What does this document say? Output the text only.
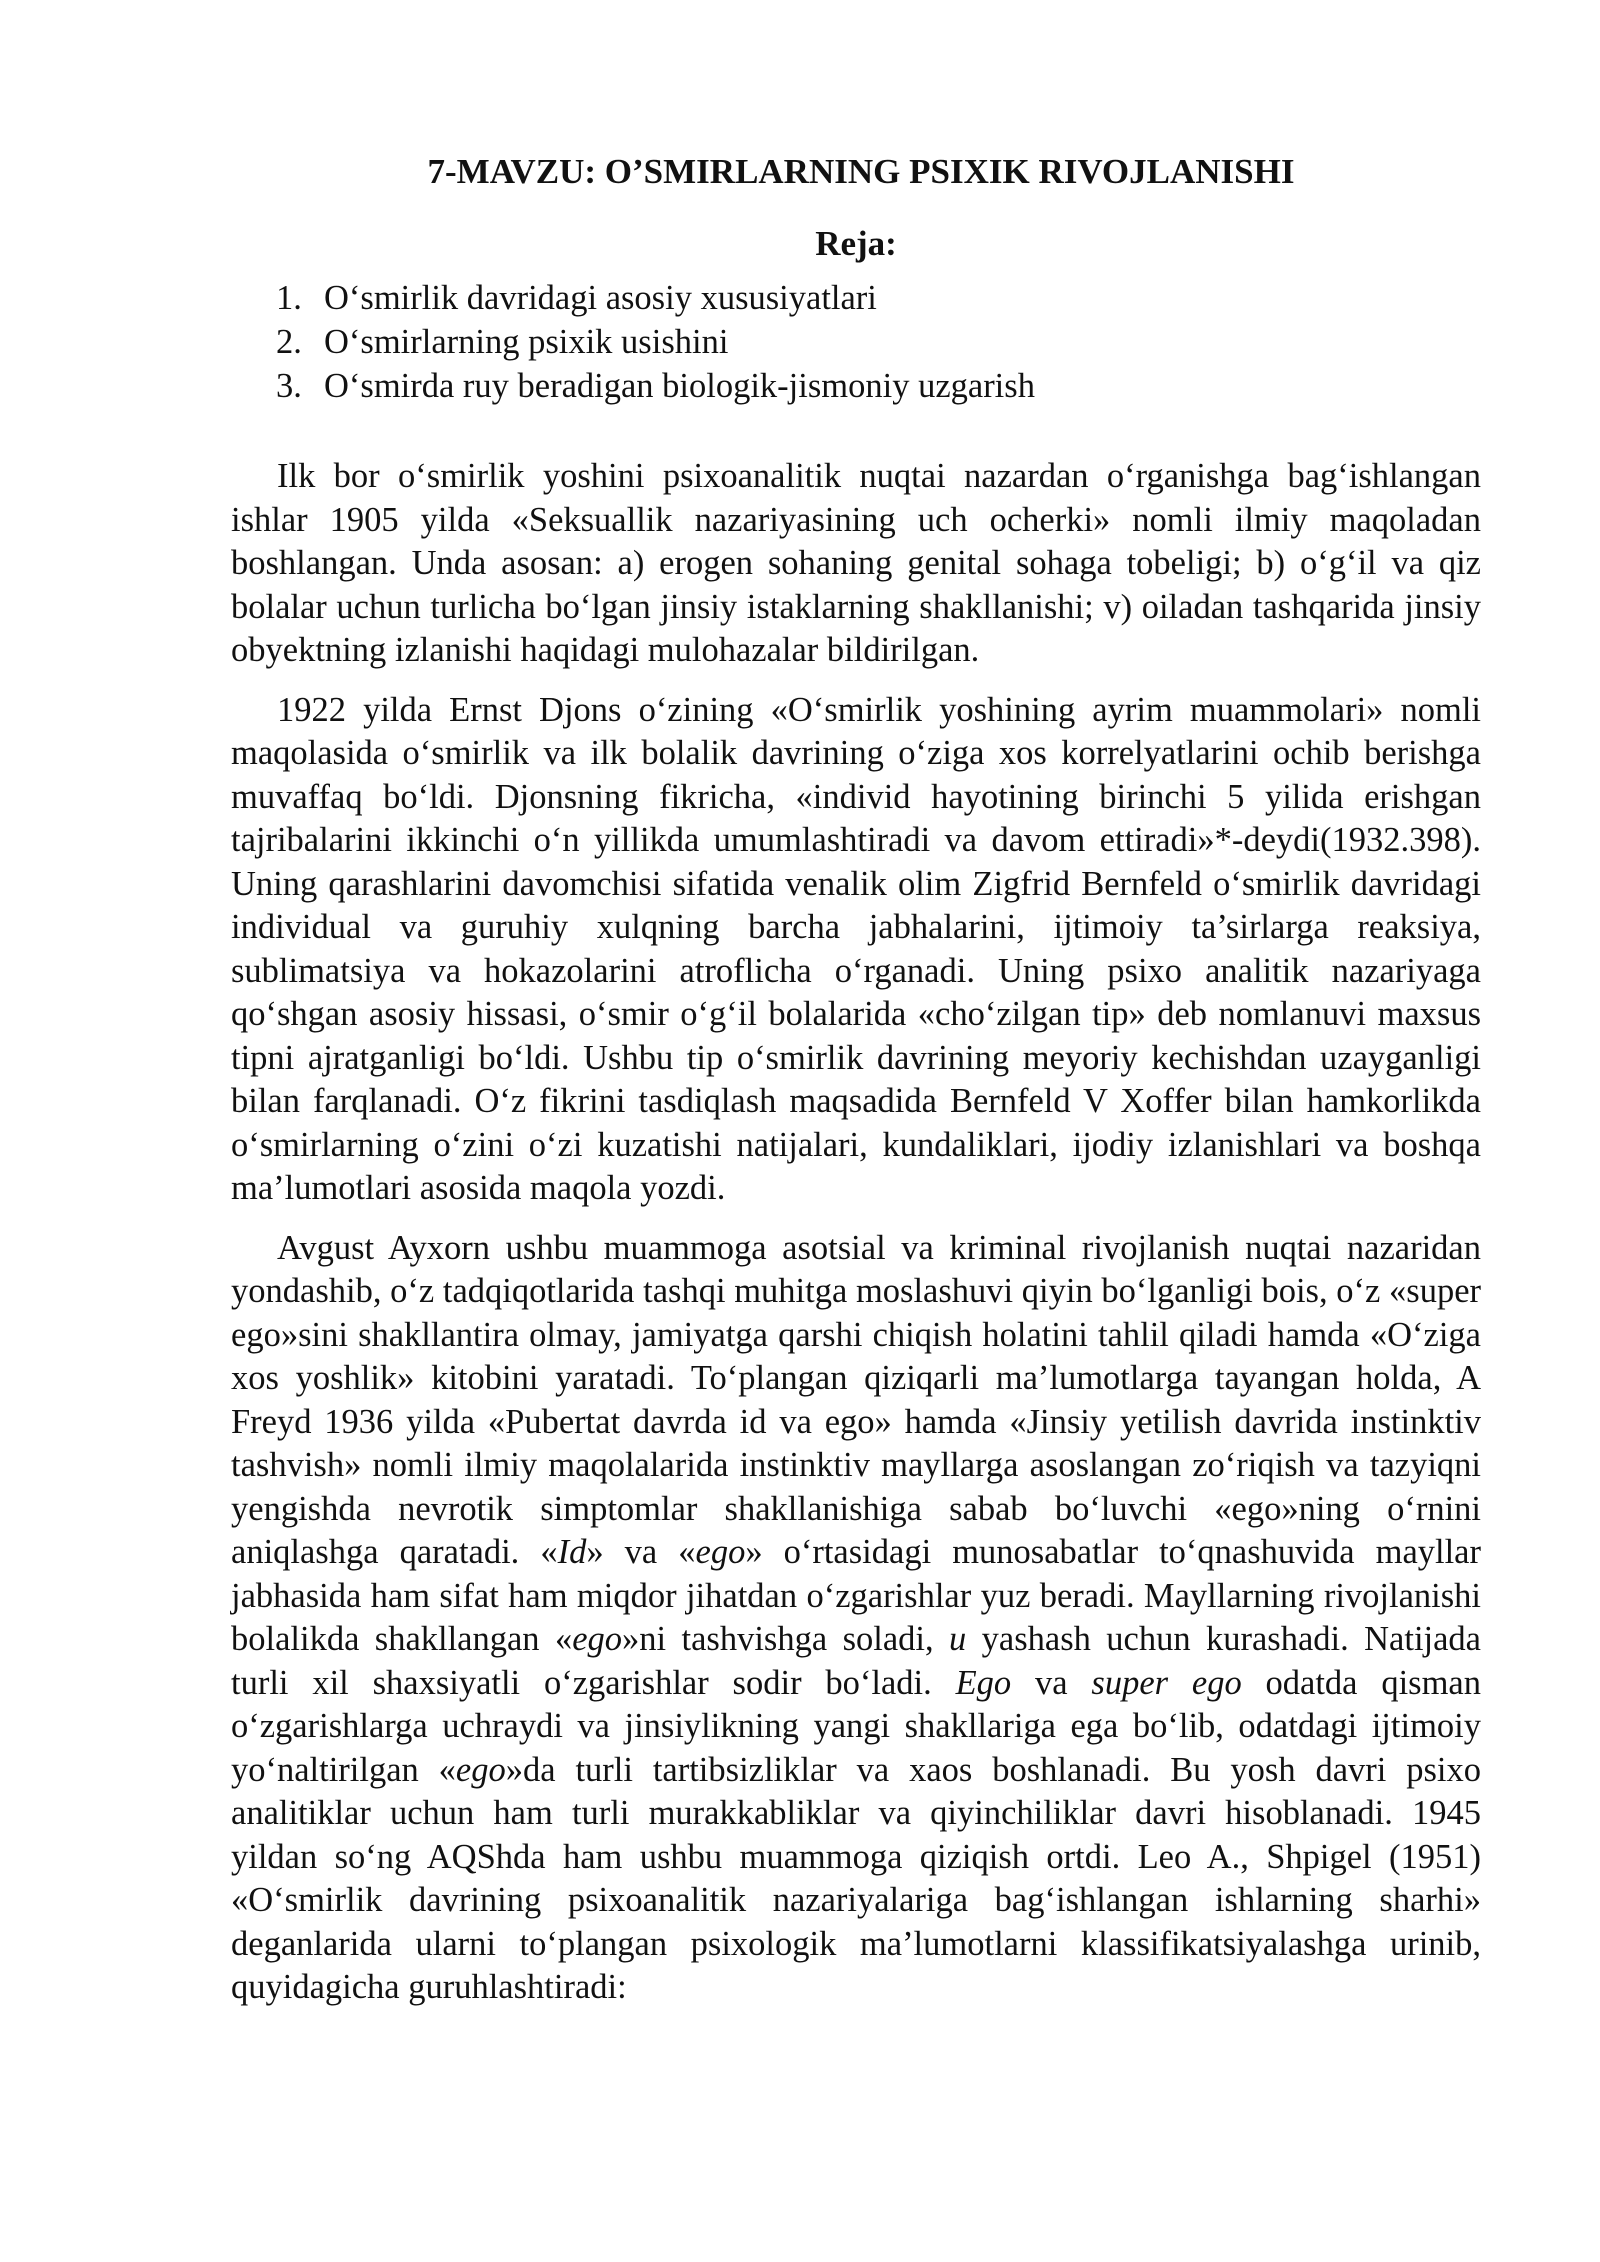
7-MAVZU: O’SMIRLARNING PSIXIK RIVOJLANISHI
Reja:
1. O‘smirlik davridagi asosiy xususiyatlari
2. O‘smirlarning psixik usishini
3. O‘smirda ruy beradigan biologik-jismoniy uzgarish

Ilk bor o‘smirlik yoshini psixoanalitik nuqtai nazardan o‘rganishga bag‘ishlangan ishlar 1905 yilda «Seksuallik nazariyasining uch ocherki» nomli ilmiy maqoladan boshlangan. Unda asosan: a) erogen sohaning genital sohaga tobeligi; b) o‘g‘il va qiz bolalar uchun turlicha bo‘lgan jinsiy istaklarning shakllanishi; v) oiladan tashqarida jinsiy obyektning izlanishi haqidagi mulohazalar bildirilgan.

1922 yilda Ernst Djons o‘zining «O‘smirlik yoshining ayrim muammolari» nomli maqolasida o‘smirlik va ilk bolalik davrining o‘ziga xos korrelyatlarini ochib berishga muvaffaq bo‘ldi. Djonsning fikricha, «individ hayotining birinchi 5 yilida erishgan tajribalarini ikkinchi o‘n yillikda umumlashtiradi va davom ettiradi»*-deydi(1932.398). Uning qarashlarini davomchisi sifatida venalik olim Zigfrid Bernfeld o‘smirlik davridagi individual va guruhiy xulqning barcha jabhalarini, ijtimoiy ta’sirlarga reaksiya, sublimatsiya va hokazolarini atroflicha o‘rganadi. Uning psixo analitik nazariyaga qo‘shgan asosiy hissasi, o‘smir o‘g‘il bolalarida «cho‘zilgan tip» deb nomlanuvi maxsus tipni ajratganligi bo‘ldi. Ushbu tip o‘smirlik davrining meyoriy kechishdan uzayganligi bilan farqlanadi. O‘z fikrini tasdiqlash maqsadida Bernfeld V Xoffer bilan hamkorlikda o‘smirlarning o‘zini o‘zi kuzatishi natijalari, kundaliklari, ijodiy izlanishlari va boshqa ma’lumotlari asosida maqola yozdi.

Avgust Ayxorn ushbu muammoga asotsial va kriminal rivojlanish nuqtai nazaridan yondashib, o‘z tadqiqotlarida tashqi muhitga moslashuvi qiyin bo‘lganligi bois, o‘z «super ego»sini shakllantira olmay, jamiyatga qarshi chiqish holatini tahlil qiladi hamda «O‘ziga xos yoshlik» kitobini yaratadi. To‘plangan qiziqarli ma’lumotlarga tayangan holda, A Freyd 1936 yilda «Pubertat davrda id va ego» hamda «Jinsiy yetilish davrida instinktiv tashvish» nomli ilmiy maqolalarida instinktiv mayllarga asoslangan zo‘riqish va tazyiqni yengishda nevrotik simptomlar shakllanishiga sabab bo‘luvchi «ego»ning o‘rnini aniqlashga qaratadi. «Id» va «ego» o‘rtasidagi munosabatlar to‘qnashuvida mayllar jabhasida ham sifat ham miqdor jihatdan o‘zgarishlar yuz beradi. Mayllarning rivojlanishi bolalikda shakllangan «ego»ni tashvishga soladi, u yashash uchun kurashadi. Natijada turli xil shaxsiyatli o‘zgarishlar sodir bo‘ladi. Ego va super ego odatda qisman o‘zgarishlarga uchraydi va jinsiylikning yangi shakllariga ega bo‘lib, odatdagi ijtimoiy yo‘naltirilgan «ego»da turli tartibsizliklar va xaos boshlanadi. Bu yosh davri psixo analitiklar uchun ham turli murakkabliklar va qiyinchiliklar davri hisoblanadi. 1945 yildan so‘ng AQShda ham ushbu muammoga qiziqish ortdi. Leo A., Shpigel (1951) «O‘smirlik davrining psixoanalitik nazariyalariga bag‘ishlangan ishlarning sharhi» deganlarida ularni to‘plangan psixologik ma’lumotlarni klassifikatsiyalashga urinib, quyidagicha guruhlashtiradi:
